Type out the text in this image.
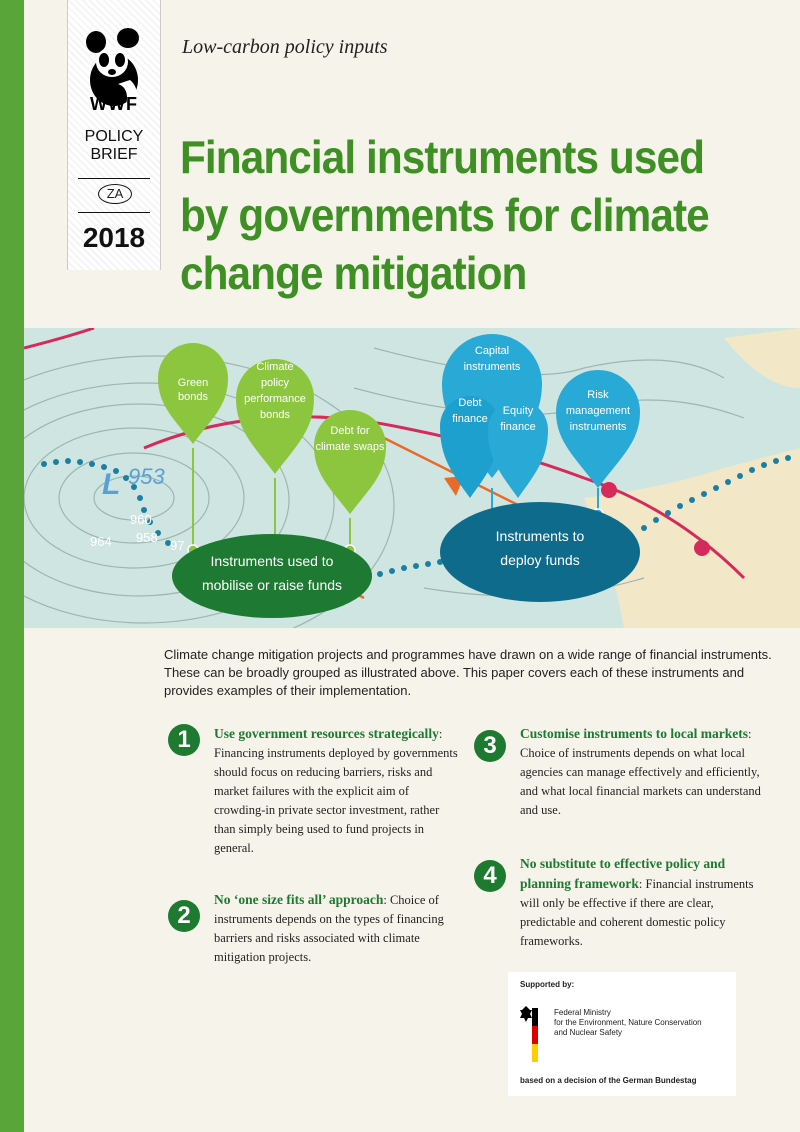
WWF
POLICY
BRIEF
ZA
2018
Low-carbon policy inputs
Financial instruments used
by governments for climate
change mitigation
L 953
960
964 958
97
Green
bonds
Climate
policy
performance
bonds
Debt for
climate swaps
Capital
instruments
Debt
finance
Equity
finance
Risk
management
instruments
Instruments used to
mobilise or raise funds
Instruments to
deploy funds
Climate change mitigation projects and programmes have drawn on a wide range of financial instruments. These can be broadly grouped as illustrated above. This paper covers each of these instruments and provides examples of their implementation.
1	Use government resources strategically: Financing instruments deployed by governments should focus on reducing barriers, risks and market failures with the explicit aim of crowding-in private sector investment, rather than simply being used to fund projects in general.
2
No ‘one size fits all’ approach: Choice of instruments depends on the types of financing barriers and risks associated with climate mitigation projects.
3	Customise instruments to local markets: Choice of instruments depends on what local agencies can manage effectively and efficiently, and what local financial markets can understand and use.
4	No substitute to effective policy and planning framework: Financial instruments will only be effective if there are clear, predictable and coherent domestic policy frameworks.
Supported by:
Federal Ministry
for the Environment, Nature Conservation
and Nuclear Safety
based on a decision of the German Bundestag
